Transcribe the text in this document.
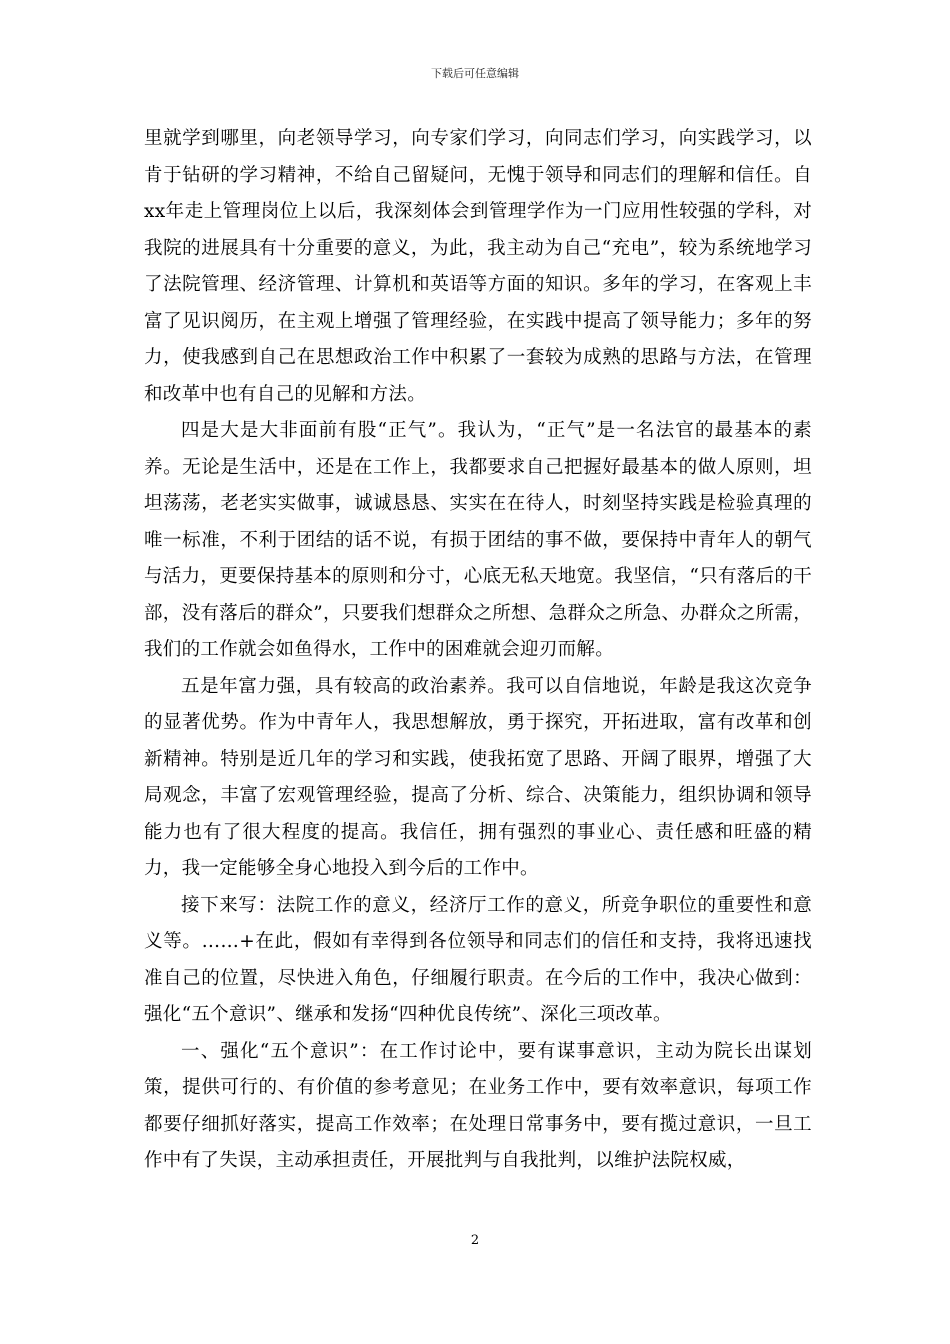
下载后可任意编辑

里就学到哪里，向老领导学习，向专家们学习，向同志们学习，向实践学习，以肯于钻研的学习精神，不给自己留疑问，无愧于领导和同志们的理解和信任。自xx年走上管理岗位上以后，我深刻体会到管理学作为一门应用性较强的学科，对我院的进展具有十分重要的意义，为此，我主动为自己“充电”，较为系统地学习了法院管理、经济管理、计算机和英语等方面的知识。多年的学习，在客观上丰富了见识阅历，在主观上增强了管理经验，在实践中提高了领导能力；多年的努力，使我感到自己在思想政治工作中积累了一套较为成熟的思路与方法，在管理和改革中也有自己的见解和方法。

四是大是大非面前有股“正气”。我认为，“正气”是一名法官的最基本的素养。无论是生活中，还是在工作上，我都要求自己把握好最基本的做人原则，坦坦荡荡，老老实实做事，诚诚恳恳、实实在在待人，时刻坚持实践是检验真理的唯一标准，不利于团结的话不说，有损于团结的事不做，要保持中青年人的朝气与活力，更要保持基本的原则和分寸，心底无私天地宽。我坚信，“只有落后的干部，没有落后的群众”，只要我们想群众之所想、急群众之所急、办群众之所需，我们的工作就会如鱼得水，工作中的困难就会迎刃而解。

五是年富力强，具有较高的政治素养。我可以自信地说，年龄是我这次竞争的显著优势。作为中青年人，我思想解放，勇于探究，开拓进取，富有改革和创新精神。特别是近几年的学习和实践，使我拓宽了思路、开阔了眼界，增强了大局观念，丰富了宏观管理经验，提高了分析、综合、决策能力，组织协调和领导能力也有了很大程度的提高。我信任，拥有强烈的事业心、责任感和旺盛的精力，我一定能够全身心地投入到今后的工作中。

接下来写：法院工作的意义，经济厅工作的意义，所竞争职位的重要性和意义等。……+在此，假如有幸得到各位领导和同志们的信任和支持，我将迅速找准自己的位置，尽快进入角色，仔细履行职责。在今后的工作中，我决心做到：强化“五个意识”、继承和发扬“四种优良传统”、深化三项改革。

一、强化“五个意识”：在工作讨论中，要有谋事意识，主动为院长出谋划策，提供可行的、有价值的参考意见；在业务工作中，要有效率意识，每项工作都要仔细抓好落实，提高工作效率；在处理日常事务中，要有揽过意识，一旦工作中有了失误，主动承担责任，开展批判与自我批判，以维护法院权威，

2
